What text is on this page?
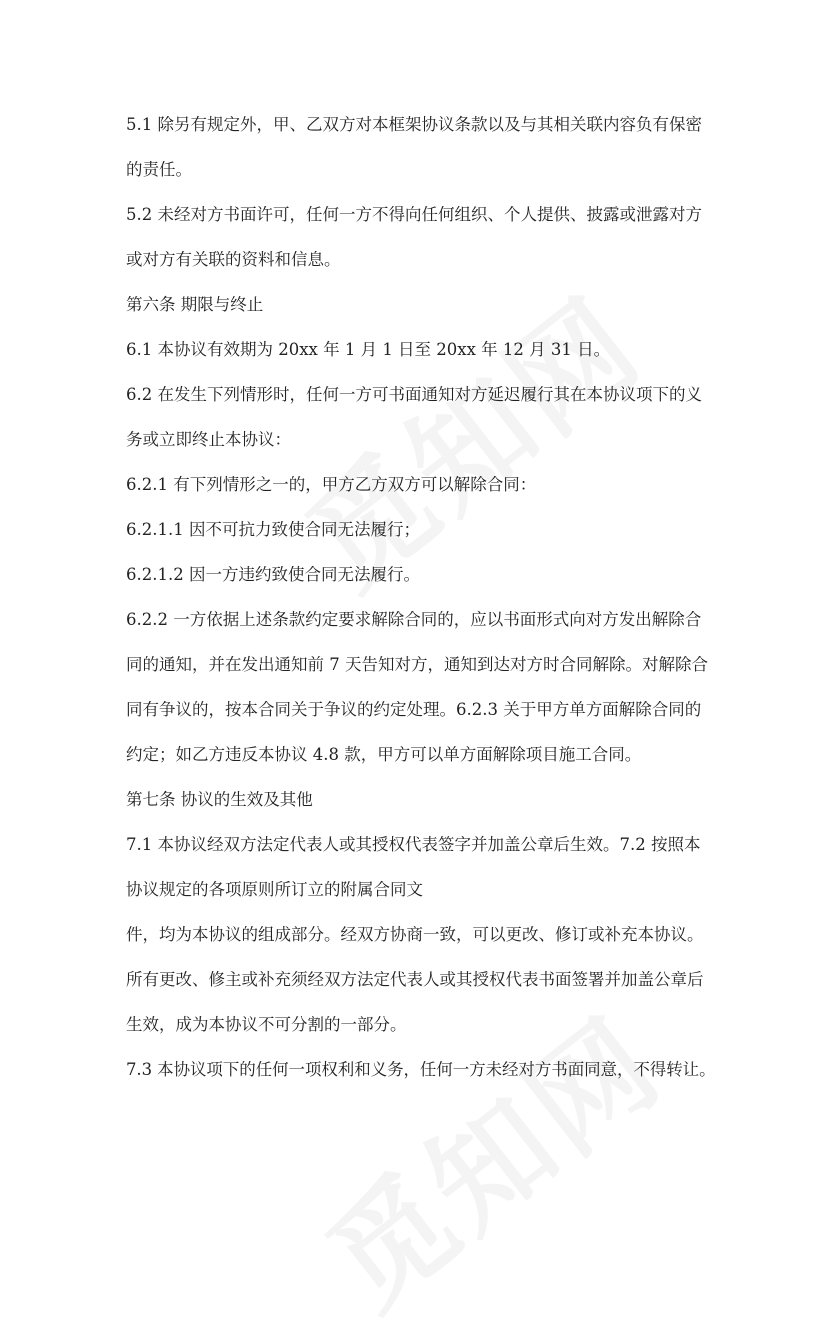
5.1 除另有规定外，甲、乙双方对本框架协议条款以及与其相关联内容负有保密
的责任。
5.2 未经对方书面许可，任何一方不得向任何组织、个人提供、披露或泄露对方
或对方有关联的资料和信息。
第六条 期限与终止
6.1 本协议有效期为 20xx 年 1 月 1 日至 20xx 年 12 月 31 日。
6.2 在发生下列情形时，任何一方可书面通知对方延迟履行其在本协议项下的义
务或立即终止本协议：
6.2.1 有下列情形之一的，甲方乙方双方可以解除合同：
6.2.1.1 因不可抗力致使合同无法履行；
6.2.1.2 因一方违约致使合同无法履行。
6.2.2 一方依据上述条款约定要求解除合同的，应以书面形式向对方发出解除合
同的通知，并在发出通知前 7 天告知对方，通知到达对方时合同解除。对解除合
同有争议的，按本合同关于争议的约定处理。6.2.3 关于甲方单方面解除合同的
约定；如乙方违反本协议 4.8 款，甲方可以单方面解除项目施工合同。
第七条 协议的生效及其他
7.1 本协议经双方法定代表人或其授权代表签字并加盖公章后生效。7.2 按照本
协议规定的各项原则所订立的附属合同文
件，均为本协议的组成部分。经双方协商一致，可以更改、修订或补充本协议。
所有更改、修主或补充须经双方法定代表人或其授权代表书面签署并加盖公章后
生效，成为本协议不可分割的一部分。
7.3 本协议项下的任何一项权利和义务，任何一方未经对方书面同意，不得转让。
